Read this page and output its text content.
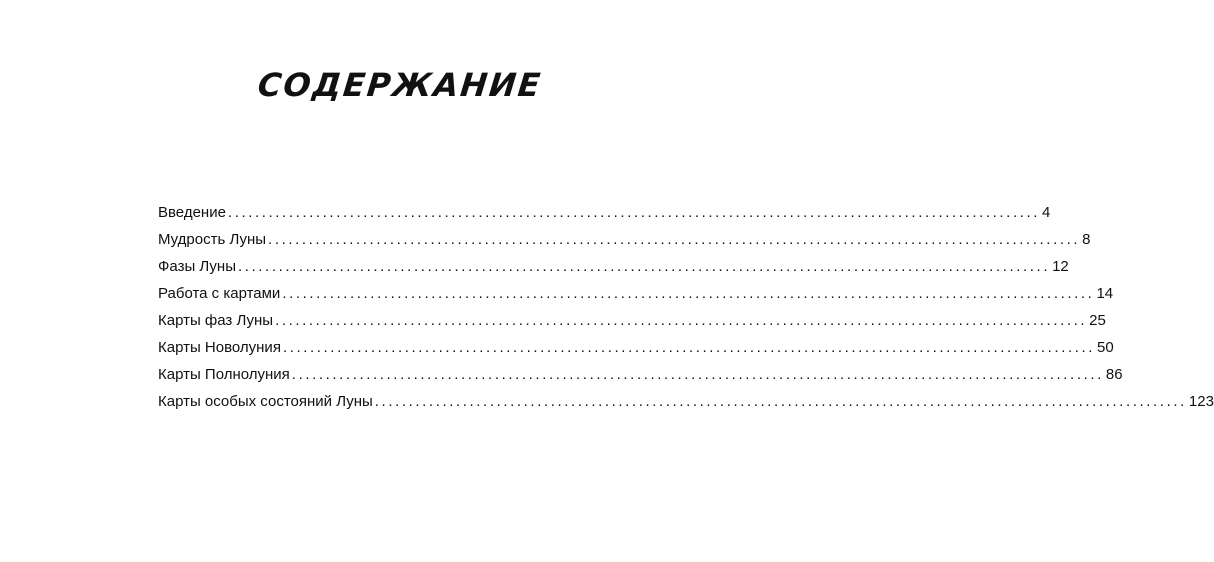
СОДЕРЖАНИЕ
Введение ........................................................................................................................ 4
Мудрость Луны ........................................................................................................................ 8
Фазы Луны ........................................................................................................................ 12
Работа с картами ........................................................................................................................ 14
Карты фаз Луны ........................................................................................................................ 25
Карты Новолуния ........................................................................................................................ 50
Карты Полнолуния ........................................................................................................................ 86
Карты особых состояний Луны ........................................................................................................................ 123
